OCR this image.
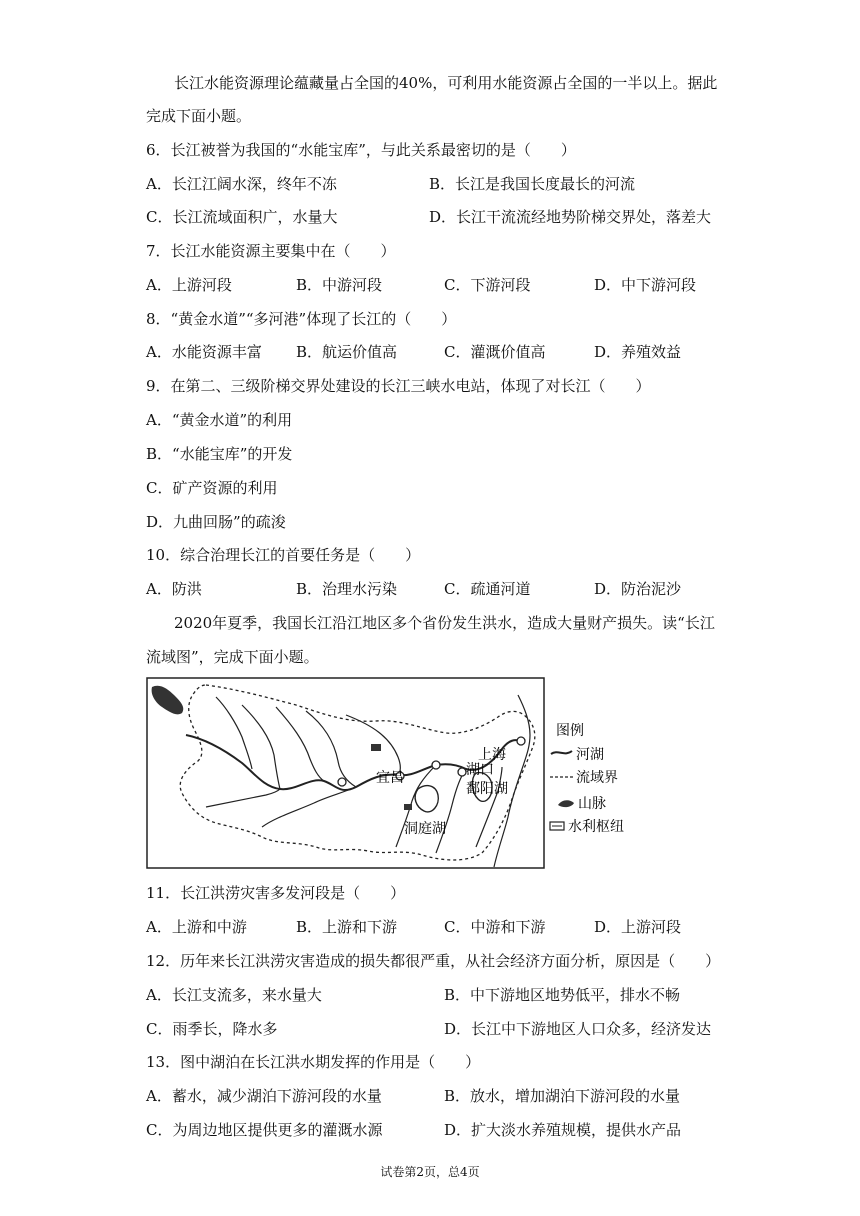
长江水能资源理论蕴藏量占全国的40%，可利用水能资源占全国的一半以上。据此
完成下面小题。
6．长江被誉为我国的“水能宝库”，与此关系最密切的是（　　）
A．长江江阔水深，终年不冻	B．长江是我国长度最长的河流
C．长江流域面积广，水量大	D．长江干流流经地势阶梯交界处，落差大
7．长江水能资源主要集中在（　　）
A．上游河段	B．中游河段	C．下游河段	D．中下游河段
8．“黄金水道”“多河港”体现了长江的（　　）
A．水能资源丰富 B．航运价值高	C．灌溉价值高	D．养殖效益
9．在第二、三级阶梯交界处建设的长江三峡水电站，体现了对长江（　　）
A．“黄金水道”的利用
B．“水能宝库”的开发
C．矿产资源的利用
D．九曲回肠”的疏浚
10．综合治理长江的首要任务是（　　）
A．防洪	B．治理水污染	C．疏通河道	D．防治泥沙
2020年夏季，我国长江沿江地区多个省份发生洪水，造成大量财产损失。读“长江
流域图”，完成下面小题。
宜昌
洞庭湖
湖口
鄱阳湖
上海
图例
河湖
流域界
山脉
水利枢纽
11．长江洪涝灾害多发河段是（　　）
A．上游和中游	B．上游和下游	C．中游和下游	D．上游河段
12．历年来长江洪涝灾害造成的损失都很严重，从社会经济方面分析，原因是（　　）
A．长江支流多，来水量大	B．中下游地区地势低平，排水不畅
C．雨季长，降水多	D．长江中下游地区人口众多，经济发达
13．图中湖泊在长江洪水期发挥的作用是（　　）
A．蓄水，减少湖泊下游河段的水量	B．放水，增加湖泊下游河段的水量
C．为周边地区提供更多的灌溉水源	D．扩大淡水养殖规模，提供水产品
试卷第2页，总4页
